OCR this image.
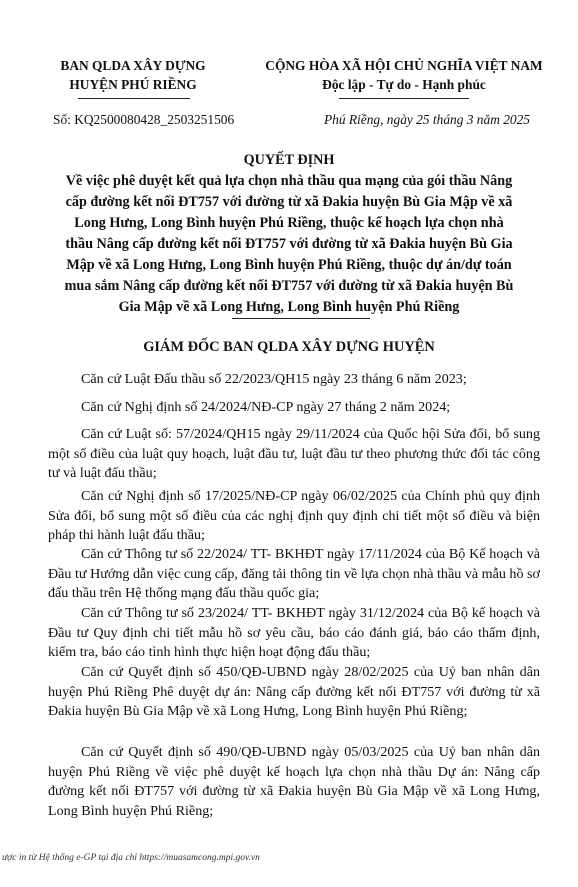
BAN QLDA XÂY DỰNG
HUYỆN PHÚ RIỀNG
CỘNG HÒA XÃ HỘI CHỦ NGHĨA VIỆT NAM
Độc lập - Tự do - Hạnh phúc
Số: KQ2500080428_2503251506	Phú Riềng, ngày 25 tháng 3 năm 2025
QUYẾT ĐỊNH
Về việc phê duyệt kết quả lựa chọn nhà thầu qua mạng của gói thầu Nâng
cấp đường kết nối ĐT757 với đường từ xã Đakia huyện Bù Gia Mập về xã
Long Hưng, Long Bình huyện Phú Riềng, thuộc kế hoạch lựa chọn nhà
thầu Nâng cấp đường kết nối ĐT757 với đường từ xã Đakia huyện Bù Gia
Mập về xã Long Hưng, Long Bình huyện Phú Riềng, thuộc dự án/dự toán
mua sắm Nâng cấp đường kết nối ĐT757 với đường từ xã Đakia huyện Bù
Gia Mập về xã Long Hưng, Long Bình huyện Phú Riềng
GIÁM ĐỐC BAN QLDA XÂY DỰNG HUYỆN
Căn cứ Luật Đấu thầu số 22/2023/QH15 ngày 23 tháng 6 năm 2023;
Căn cứ Nghị định số 24/2024/NĐ-CP ngày 27 tháng 2 năm 2024;
Căn cứ Luật số: 57/2024/QH15 ngày 29/11/2024 của Quốc hội Sửa đổi, bổ sung một số điều của luật quy hoạch, luật đầu tư, luật đầu tư theo phương thức đối tác công tư và luật đấu thầu;
Căn cứ Nghị định số 17/2025/NĐ-CP ngày 06/02/2025 của Chính phủ quy định Sửa đổi, bổ sung một số điều của các nghị định quy định chi tiết một số điều và biện pháp thi hành luật đấu thầu;
Căn cứ Thông tư số 22/2024/ TT- BKHĐT ngày 17/11/2024 của Bộ Kế hoạch và Đầu tư Hướng dẫn việc cung cấp, đăng tải thông tin về lựa chọn nhà thầu và mẫu hồ sơ đấu thầu trên Hệ thống mạng đấu thầu quốc gia;
Căn cứ Thông tư số 23/2024/ TT- BKHĐT ngày 31/12/2024 của Bộ kế hoạch và Đầu tư Quy định chi tiết mẫu hồ sơ yêu cầu, báo cáo đánh giá, báo cáo thẩm định, kiểm tra, báo cáo tình hình thực hiện hoạt động đấu thầu;
Căn cứ Quyết định số 450/QĐ-UBND ngày 28/02/2025 của Uỷ ban nhân dân huyện Phú Riềng Phê duyệt dự án: Nâng cấp đường kết nối ĐT757 với đường từ xã Đakia huyện Bù Gia Mập về xã Long Hưng, Long Bình huyện Phú Riềng;
Căn cứ Quyết định số 490/QĐ-UBND ngày 05/03/2025 của Uỷ ban nhân dân huyện Phú Riềng về việc phê duyệt kế hoạch lựa chọn nhà thầu Dự án: Nâng cấp đường kết nối ĐT757 với đường từ xã Đakia huyện Bù Gia Mập về xã Long Hưng, Long Bình huyện Phú Riềng;
ược in từ Hệ thống e-GP tại địa chỉ https://muasamcong.mpi.gov.vn
